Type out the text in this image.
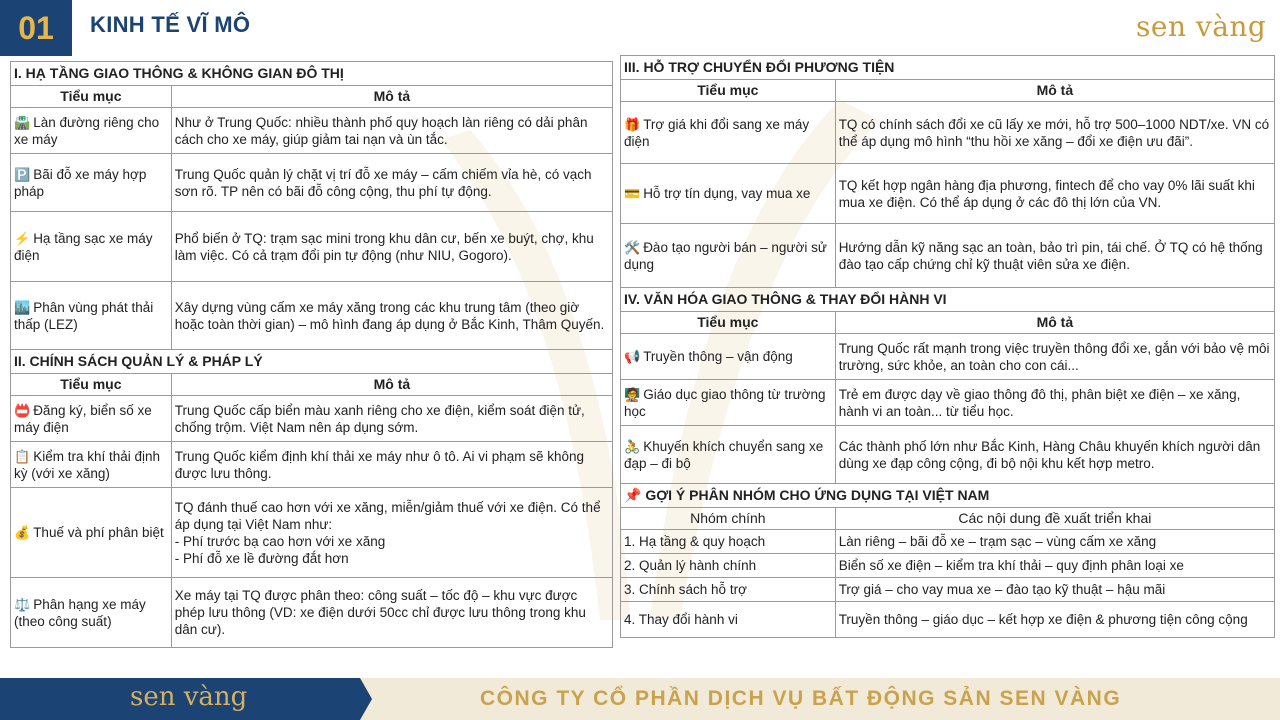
01	KINH TẾ VĨ MÔ	sen vàng
I. HẠ TẦNG GIAO THÔNG & KHÔNG GIAN ĐÔ THỊ	
Tiểu mục	Mô tả
🛣️ Làn đường riêng cho xe máy	Như ở Trung Quốc: nhiều thành phố quy hoạch làn riêng có dải phân cách cho xe máy, giúp giảm tai nạn và ùn tắc.
🅿️ Bãi đỗ xe máy hợp pháp	Trung Quốc quản lý chặt vị trí đỗ xe máy – cấm chiếm vỉa hè, có vạch sơn rõ. TP nên có bãi đỗ công cộng, thu phí tự động.
⚡ Hạ tầng sạc xe máy điện	Phổ biến ở TQ: trạm sạc mini trong khu dân cư, bến xe buýt, chợ, khu làm việc. Có cả trạm đổi pin tự động (như NIU, Gogoro).
🏙️ Phân vùng phát thải thấp (LEZ)	Xây dựng vùng cấm xe máy xăng trong các khu trung tâm (theo giờ hoặc toàn thời gian) – mô hình đang áp dụng ở Bắc Kinh, Thâm Quyến.
II. CHÍNH SÁCH QUẢN LÝ & PHÁP LÝ	
Tiểu mục	Mô tả
📛 Đăng ký, biển số xe máy điện	Trung Quốc cấp biển màu xanh riêng cho xe điện, kiểm soát điện tử, chống trộm. Việt Nam nên áp dụng sớm.
📋 Kiểm tra khí thải định kỳ (với xe xăng)	Trung Quốc kiểm định khí thải xe máy như ô tô. Ai vi phạm sẽ không được lưu thông.
💰 Thuế và phí phân biệt	TQ đánh thuế cao hơn với xe xăng, miễn/giảm thuế với xe điện. Có thể áp dụng tại Việt Nam như:
- Phí trước bạ cao hơn với xe xăng
- Phí đỗ xe lề đường đắt hơn
⚖️ Phân hạng xe máy (theo công suất)	Xe máy tại TQ được phân theo: công suất – tốc độ – khu vực được phép lưu thông (VD: xe điện dưới 50cc chỉ được lưu thông trong khu dân cư).
III. HỖ TRỢ CHUYỂN ĐỔI PHƯƠNG TIỆN	
Tiểu mục	Mô tả
🎁 Trợ giá khi đổi sang xe máy điện	TQ có chính sách đổi xe cũ lấy xe mới, hỗ trợ 500–1000 NDT/xe. VN có thể áp dụng mô hình “thu hồi xe xăng – đổi xe điện ưu đãi”.
💳 Hỗ trợ tín dụng, vay mua xe	TQ kết hợp ngân hàng địa phương, fintech để cho vay 0% lãi suất khi mua xe điện. Có thể áp dụng ở các đô thị lớn của VN.
🛠️ Đào tạo người bán – người sử dụng	Hướng dẫn kỹ năng sạc an toàn, bảo trì pin, tái chế. Ở TQ có hệ thống đào tạo cấp chứng chỉ kỹ thuật viên sửa xe điện.
IV. VĂN HÓA GIAO THÔNG & THAY ĐỔI HÀNH VI	
Tiểu mục	Mô tả
📢 Truyền thông – vận động	Trung Quốc rất mạnh trong việc truyền thông đổi xe, gắn với bảo vệ môi trường, sức khỏe, an toàn cho con cái...
🧑‍🏫 Giáo dục giao thông từ trường học	Trẻ em được dạy về giao thông đô thị, phân biệt xe điện – xe xăng, hành vi an toàn... từ tiểu học.
🚴 Khuyến khích chuyển sang xe đạp – đi bộ	Các thành phố lớn như Bắc Kinh, Hàng Châu khuyến khích người dân dùng xe đạp công cộng, đi bộ nội khu kết hợp metro.
📌 GỢI Ý PHÂN NHÓM CHO ỨNG DỤNG TẠI VIỆT NAM	
Nhóm chính	Các nội dung đề xuất triển khai
1. Hạ tầng & quy hoạch	Làn riêng – bãi đỗ xe – trạm sạc – vùng cấm xe xăng
2. Quản lý hành chính	Biển số xe điện – kiểm tra khí thải – quy định phân loại xe
3. Chính sách hỗ trợ	Trợ giá – cho vay mua xe – đào tạo kỹ thuật – hậu mãi
4. Thay đổi hành vi	Truyền thông – giáo dục – kết hợp xe điện & phương tiện công cộng
sen vàng	CÔNG TY CỔ PHẦN DỊCH VỤ BẤT ĐỘNG SẢN SEN VÀNG
